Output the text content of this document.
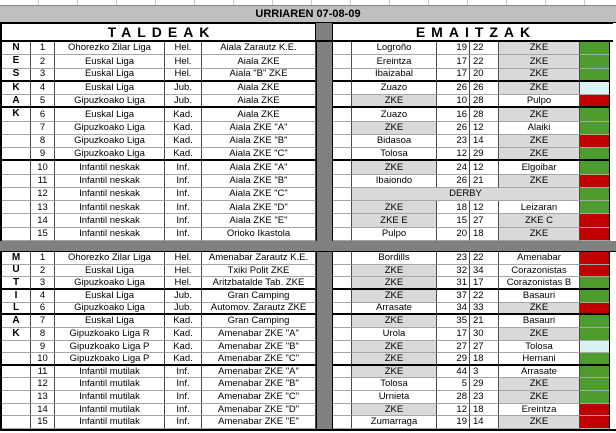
URRIAREN 07-08-09
TALDEAK	EMAITZAK
N	1	Ohorezko Zilar Liga	Hel.	Aiala Zarautz K.E.	Logroño	19 22	ZKE
E	2	Euskal Liga	Hel.	Aiala ZKE	Ereintza	17 22	ZKE
S	3	Euskal Liga	Hel.	Aiala "B" ZKE	Ibaizabal	17 20	ZKE
K	4	Euskal Liga	Jub.	Aiala ZKE	Zuazo	26 26	ZKE
A	5	Gipuzkoako Liga	Jub.	Aiala ZKE	ZKE	10 28	Pulpo
K	6	Euskal Liga	Kad.	Aiala ZKE	Zuazo	16 28	ZKE
7	Gipuzkoako Liga	Kad.	Aiala ZKE "A"	ZKE	26 12	Alaiki
8	Gipuzkoako Liga	Kad.	Aiala ZKE "B"	Bidasoa	23 14	ZKE
9	Gipuzkoako Liga	Kad.	Aiala ZKE "C"	Tolosa	12 29	ZKE
10	Infantil neskak	Inf.	Aiala ZKE "A"	ZKE	24 12	Elgoibar
11	Infantil neskak	Inf.	Aiala ZKE "B"	Ibaiondo	26 21	ZKE
12	Infantil neskak	Inf.	Aiala ZKE "C"	DERBY
13	Infantil neskak	Inf.	Aiala ZKE "D"	ZKE	18 12	Leizaran
14	Infantil neskak	Inf.	Aiala ZKE "E"	ZKE E	15 27	ZKE C
15	Infantil neskak	Inf.	Orioko Ikastola	Pulpo	20 18	ZKE
M	1	Ohorezko Zilar Liga	Hel.	Amenabar Zarautz K.E.	Bordills	23 22	Amenabar
U	2	Euskal Liga	Hel.	Txiki Polit ZKE	ZKE	32 34	Corazonistas
T	3	Gipuzkoako Liga	Hel.	Aritzbatalde Tab. ZKE	ZKE	31 17	Corazonistas B
I	4	Euskal Liga	Jub.	Gran Camping	ZKE	37 22	Basauri
L	6	Gipuzkoako Liga	Jub.	Automov. Zarautz ZKE	Arrasate	34 33	ZKE
A	7	Euskal Liga	Kad.	Gran Camping	ZKE	35 21	Basauri
K	8	Gipuzkoako Liga R	Kad.	Amenabar ZKE "A"	Urola	17 30	ZKE
9	Gipuzkoako Liga P	Kad.	Amenabar ZKE "B"	ZKE	27 27	Tolosa
10	Gipuzkoako Liga P	Kad.	Amenabar ZKE "C"	ZKE	29 18	Hernani
11	Infantil mutilak	Inf.	Amenabar ZKE "A"	ZKE	44 3	Arrasate
12	Infantil mutilak	Inf.	Amenabar ZKE "B"	Tolosa	5 29	ZKE
13	Infantil mutilak	Inf.	Amenabar ZKE "C"	Urnieta	28 23	ZKE
14	Infantil mutilak	Inf.	Amenabar ZKE "D"	ZKE	12 18	Ereintza
15	Infantil mutilak	Inf.	Amenabar ZKE "E"	Zumarraga	19 14	ZKE
